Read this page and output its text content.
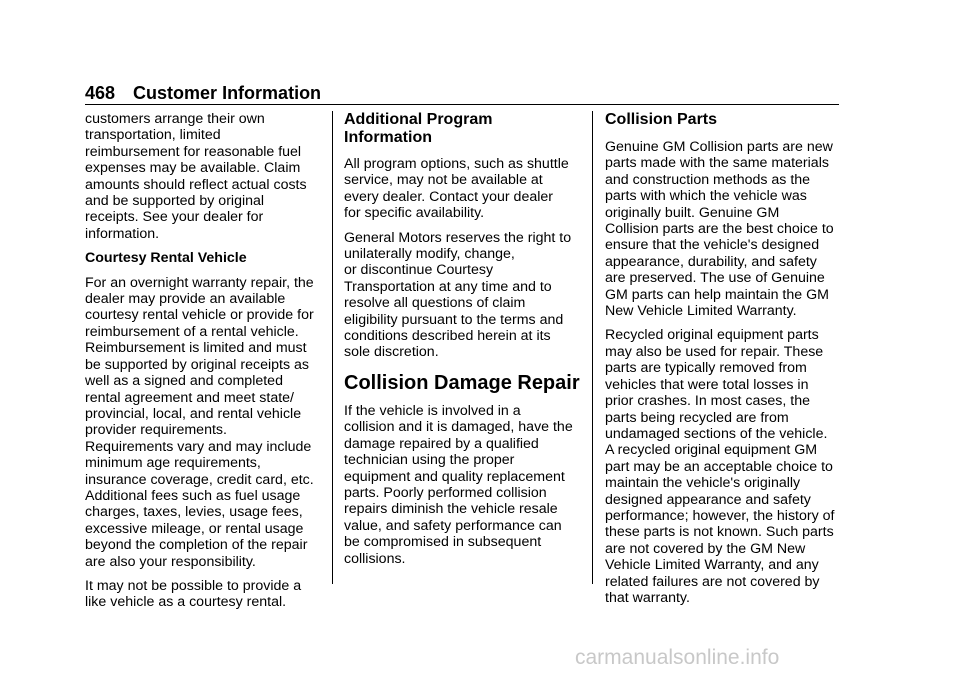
468 Customer Information

customers arrange their own
transportation, limited
reimbursement for reasonable fuel
expenses may be available. Claim
amounts should reflect actual costs
and be supported by original
receipts. See your dealer for
information.

Courtesy Rental Vehicle

For an overnight warranty repair, the
dealer may provide an available
courtesy rental vehicle or provide for
reimbursement of a rental vehicle.
Reimbursement is limited and must
be supported by original receipts as
well as a signed and completed
rental agreement and meet state/
provincial, local, and rental vehicle
provider requirements.
Requirements vary and may include
minimum age requirements,
insurance coverage, credit card, etc.
Additional fees such as fuel usage
charges, taxes, levies, usage fees,
excessive mileage, or rental usage
beyond the completion of the repair
are also your responsibility.

It may not be possible to provide a
like vehicle as a courtesy rental.

Additional Program
Information

All program options, such as shuttle
service, may not be available at
every dealer. Contact your dealer
for specific availability.

General Motors reserves the right to
unilaterally modify, change,
or discontinue Courtesy
Transportation at any time and to
resolve all questions of claim
eligibility pursuant to the terms and
conditions described herein at its
sole discretion.

Collision Damage Repair

If the vehicle is involved in a
collision and it is damaged, have the
damage repaired by a qualified
technician using the proper
equipment and quality replacement
parts. Poorly performed collision
repairs diminish the vehicle resale
value, and safety performance can
be compromised in subsequent
collisions.

Collision Parts

Genuine GM Collision parts are new
parts made with the same materials
and construction methods as the
parts with which the vehicle was
originally built. Genuine GM
Collision parts are the best choice to
ensure that the vehicle's designed
appearance, durability, and safety
are preserved. The use of Genuine
GM parts can help maintain the GM
New Vehicle Limited Warranty.

Recycled original equipment parts
may also be used for repair. These
parts are typically removed from
vehicles that were total losses in
prior crashes. In most cases, the
parts being recycled are from
undamaged sections of the vehicle.
A recycled original equipment GM
part may be an acceptable choice to
maintain the vehicle's originally
designed appearance and safety
performance; however, the history of
these parts is not known. Such parts
are not covered by the GM New
Vehicle Limited Warranty, and any
related failures are not covered by
that warranty.

carmanualsonline.info
